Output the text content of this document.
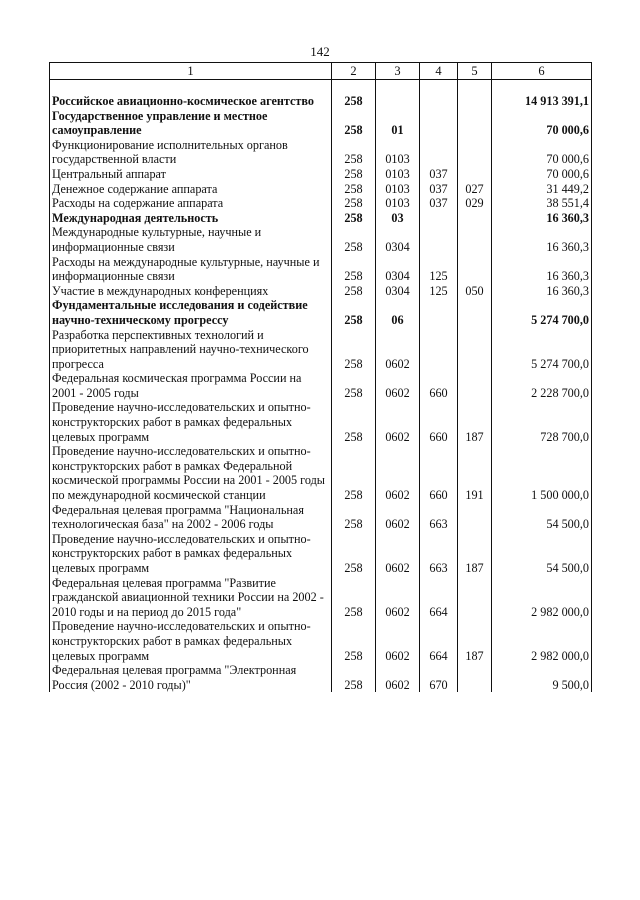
142
1	2	3	4	5	6
Российское авиационно-космическое агентство	258				14 913 391,1
Государственное управление и местное самоуправление	258	01			70 000,6
Функционирование исполнительных органов государственной власти	258	0103			70 000,6
Центральный аппарат	258	0103	037		70 000,6
Денежное содержание аппарата	258	0103	037	027	31 449,2
Расходы на содержание аппарата	258	0103	037	029	38 551,4
Международная деятельность	258	03			16 360,3
Международные культурные, научные и информационные связи	258	0304			16 360,3
Расходы на международные культурные, научные и информационные связи	258	0304	125		16 360,3
Участие в международных конференциях	258	0304	125	050	16 360,3
Фундаментальные исследования и содействие научно-техническому прогрессу	258	06			5 274 700,0
Разработка перспективных технологий и приоритетных направлений научно-технического прогресса	258	0602			5 274 700,0
Федеральная космическая программа России на 2001 - 2005 годы	258	0602	660		2 228 700,0
Проведение научно-исследовательских и опытно-конструкторских работ в рамках федеральных целевых программ	258	0602	660	187	728 700,0
Проведение научно-исследовательских и опытно-конструкторских работ в рамках Федеральной космической программы России на 2001 - 2005 годы по международной космической станции	258	0602	660	191	1 500 000,0
Федеральная целевая программа "Национальная технологическая база" на 2002 - 2006 годы	258	0602	663		54 500,0
Проведение научно-исследовательских и опытно-конструкторских работ в рамках федеральных целевых программ	258	0602	663	187	54 500,0
Федеральная целевая программа "Развитие гражданской авиационной техники России на 2002 - 2010 годы и на период до 2015 года"	258	0602	664		2 982 000,0
Проведение научно-исследовательских и опытно-конструкторских работ в рамках федеральных целевых программ	258	0602	664	187	2 982 000,0
Федеральная целевая программа "Электронная Россия (2002 - 2010 годы)"	258	0602	670		9 500,0
